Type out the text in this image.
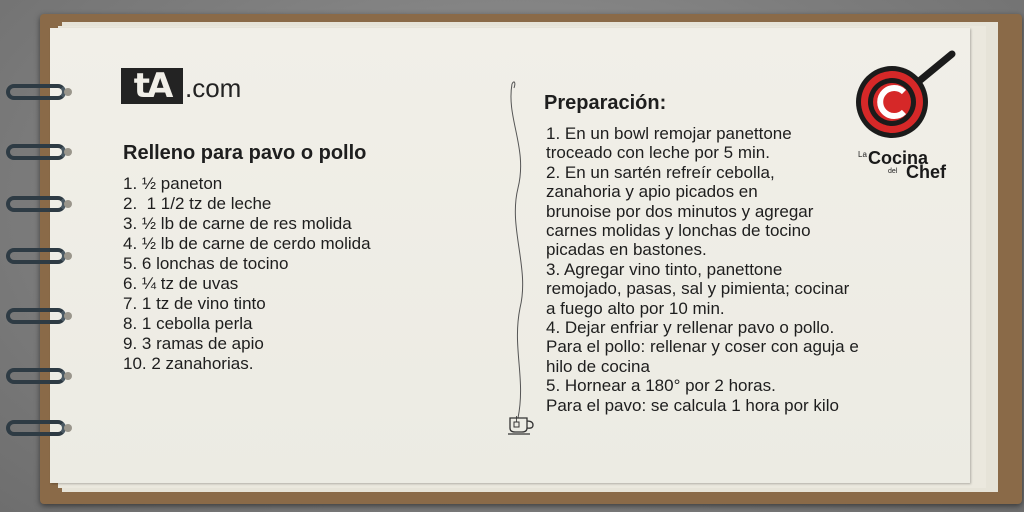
tA .com
Relleno para pavo o pollo
1. ½ paneton
2.  1 1/2 tz de leche
3. ½ lb de carne de res molida
4. ½ lb de carne de cerdo molida
5. 6 lonchas de tocino
6. ¼ tz de uvas
7. 1 tz de vino tinto
8. 1 cebolla perla
9. 3 ramas de apio
10. 2 zanahorias.
Preparación:
1. En un bowl remojar panettone
troceado con leche por 5 min.
2. En un sartén refreír cebolla,
zanahoria y apio picados en
brunoise por dos minutos y agregar
carnes molidas y lonchas de tocino
picadas en bastones.
3. Agregar vino tinto, panettone
remojado, pasas, sal y pimienta; cocinar
a fuego alto por 10 min.
4. Dejar enfriar y rellenar pavo o pollo.
Para el pollo: rellenar y coser con aguja e
hilo de cocina
5. Hornear a 180° por 2 horas.
Para el pavo: se calcula 1 hora por kilo
La Cocina
del Chef
